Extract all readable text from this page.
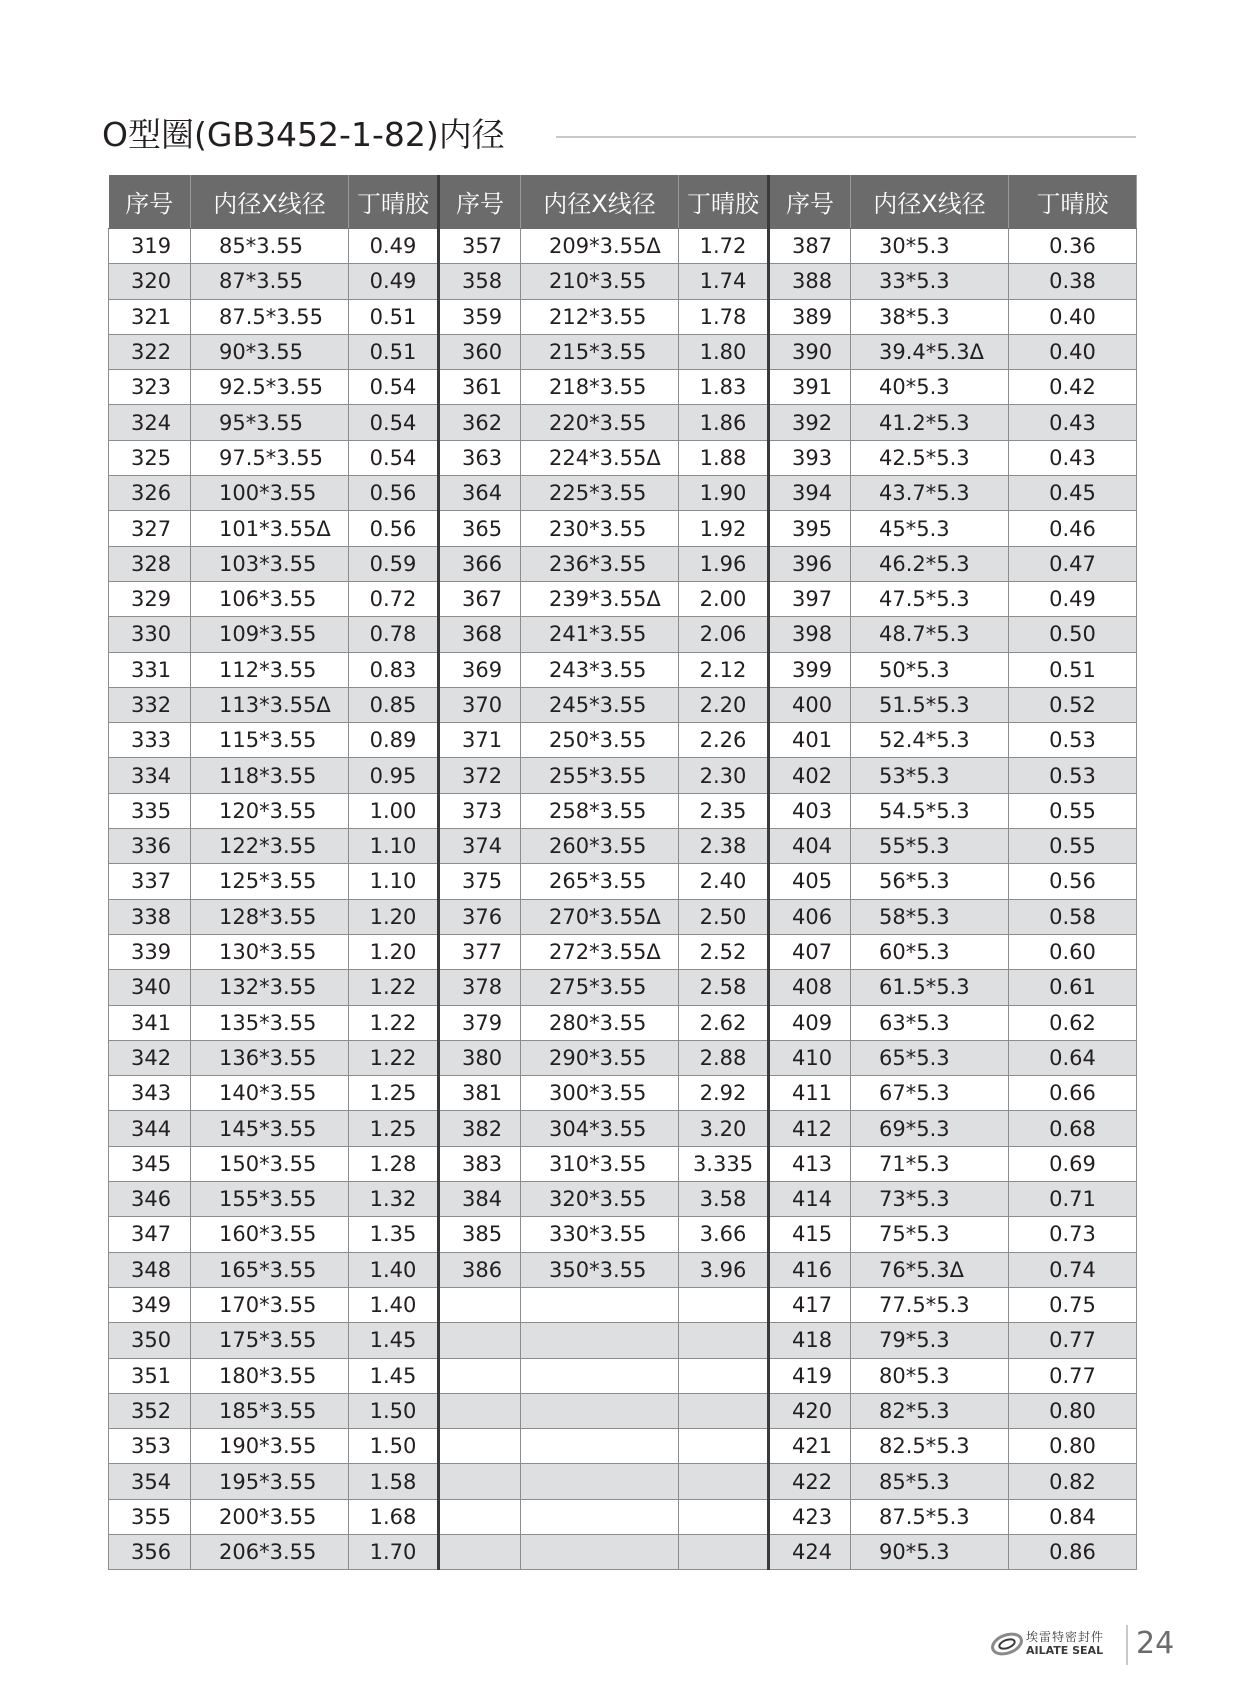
O型圈(GB3452-1-82)内径
序号	内径X线径	丁晴胶	序号	内径X线径	丁晴胶	序号	内径X线径	丁晴胶
319	85*3.55	0.49	357	209*3.55Δ	1.72	387	30*5.3	0.36
320	87*3.55	0.49	358	210*3.55	1.74	388	33*5.3	0.38
321	87.5*3.55	0.51	359	212*3.55	1.78	389	38*5.3	0.40
322	90*3.55	0.51	360	215*3.55	1.80	390	39.4*5.3Δ	0.40
323	92.5*3.55	0.54	361	218*3.55	1.83	391	40*5.3	0.42
324	95*3.55	0.54	362	220*3.55	1.86	392	41.2*5.3	0.43
325	97.5*3.55	0.54	363	224*3.55Δ	1.88	393	42.5*5.3	0.43
326	100*3.55	0.56	364	225*3.55	1.90	394	43.7*5.3	0.45
327	101*3.55Δ	0.56	365	230*3.55	1.92	395	45*5.3	0.46
328	103*3.55	0.59	366	236*3.55	1.96	396	46.2*5.3	0.47
329	106*3.55	0.72	367	239*3.55Δ	2.00	397	47.5*5.3	0.49
330	109*3.55	0.78	368	241*3.55	2.06	398	48.7*5.3	0.50
331	112*3.55	0.83	369	243*3.55	2.12	399	50*5.3	0.51
332	113*3.55Δ	0.85	370	245*3.55	2.20	400	51.5*5.3	0.52
333	115*3.55	0.89	371	250*3.55	2.26	401	52.4*5.3	0.53
334	118*3.55	0.95	372	255*3.55	2.30	402	53*5.3	0.53
335	120*3.55	1.00	373	258*3.55	2.35	403	54.5*5.3	0.55
336	122*3.55	1.10	374	260*3.55	2.38	404	55*5.3	0.55
337	125*3.55	1.10	375	265*3.55	2.40	405	56*5.3	0.56
338	128*3.55	1.20	376	270*3.55Δ	2.50	406	58*5.3	0.58
339	130*3.55	1.20	377	272*3.55Δ	2.52	407	60*5.3	0.60
340	132*3.55	1.22	378	275*3.55	2.58	408	61.5*5.3	0.61
341	135*3.55	1.22	379	280*3.55	2.62	409	63*5.3	0.62
342	136*3.55	1.22	380	290*3.55	2.88	410	65*5.3	0.64
343	140*3.55	1.25	381	300*3.55	2.92	411	67*5.3	0.66
344	145*3.55	1.25	382	304*3.55	3.20	412	69*5.3	0.68
345	150*3.55	1.28	383	310*3.55	3.335	413	71*5.3	0.69
346	155*3.55	1.32	384	320*3.55	3.58	414	73*5.3	0.71
347	160*3.55	1.35	385	330*3.55	3.66	415	75*5.3	0.73
348	165*3.55	1.40	386	350*3.55	3.96	416	76*5.3Δ	0.74
349	170*3.55	1.40				417	77.5*5.3	0.75
350	175*3.55	1.45				418	79*5.3	0.77
351	180*3.55	1.45				419	80*5.3	0.77
352	185*3.55	1.50				420	82*5.3	0.80
353	190*3.55	1.50				421	82.5*5.3	0.80
354	195*3.55	1.58				422	85*5.3	0.82
355	200*3.55	1.68				423	87.5*5.3	0.84
356	206*3.55	1.70				424	90*5.3	0.86
埃雷特密封件
AILATE SEAL 24
